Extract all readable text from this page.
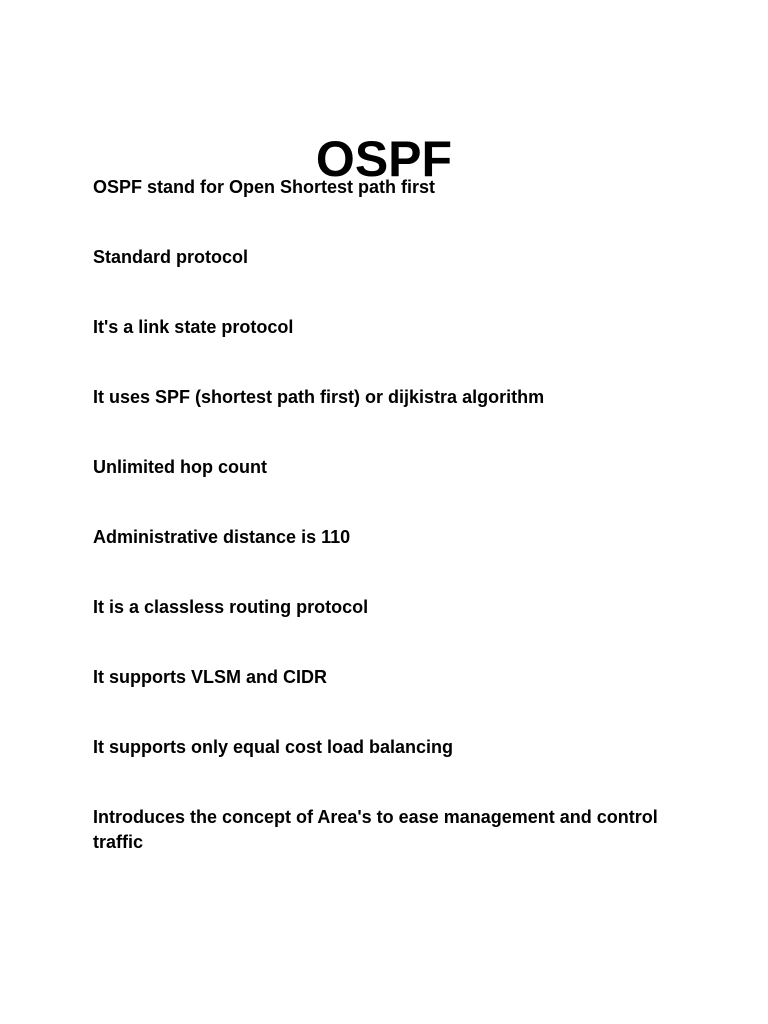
OSPF
OSPF stand for Open Shortest path first
Standard protocol
It's a link state protocol
It uses SPF (shortest path first) or dijkistra algorithm
Unlimited hop count
Administrative distance is 110
It is a classless routing protocol
It supports VLSM and CIDR
It supports only equal cost load balancing
Introduces the concept of Area's to ease management and control traffic
